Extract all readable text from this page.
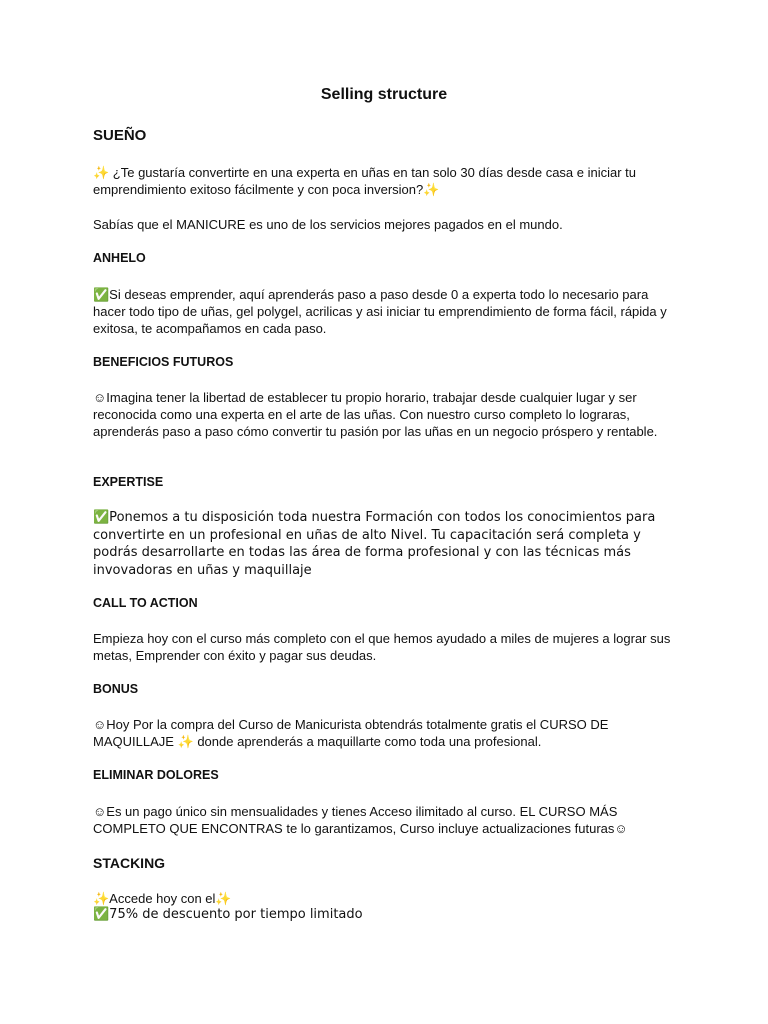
Selling structure
SUEÑO

✨ ¿Te gustaría convertirte en una experta en uñas en tan solo 30 días desde casa e iniciar tu emprendimiento exitoso fácilmente y con poca inversion?✨

Sabías que el MANICURE es uno de los servicios mejores pagados en el mundo.

ANHELO

✅Si deseas emprender, aquí aprenderás paso a paso desde 0 a experta todo lo necesario para hacer todo tipo de uñas, gel polygel, acrilicas y asi iniciar tu emprendimiento de forma fácil, rápida y exitosa, te acompañamos en cada paso.

BENEFICIOS FUTUROS

☺Imagina tener la libertad de establecer tu propio horario, trabajar desde cualquier lugar y ser reconocida como una experta en el arte de las uñas. Con nuestro curso completo lo lograras, aprenderás paso a paso cómo convertir tu pasión por las uñas en un negocio próspero y rentable.

EXPERTISE

✅Ponemos a tu disposición toda nuestra Formación con todos los conocimientos para convertirte en un profesional en uñas de alto Nivel. Tu capacitación será completa y podrás desarrollarte en todas las área de forma profesional y con las técnicas más invovadoras en uñas y maquillaje

CALL TO ACTION

Empieza hoy con el curso más completo con el que hemos ayudado a miles de mujeres a lograr sus metas, Emprender con éxito y pagar sus deudas.

BONUS

☺Hoy Por la compra del Curso de Manicurista obtendrás totalmente gratis el CURSO DE MAQUILLAJE ✨ donde aprenderás a maquillarte como toda una profesional.

ELIMINAR DOLORES

☺Es un pago único sin mensualidades y tienes Acceso ilimitado al curso. EL CURSO MÁS COMPLETO QUE ENCONTRAS te lo garantizamos, Curso incluye actualizaciones futuras☺

STACKING

✨Accede hoy con el✨

✅75% de descuento por tiempo limitado
